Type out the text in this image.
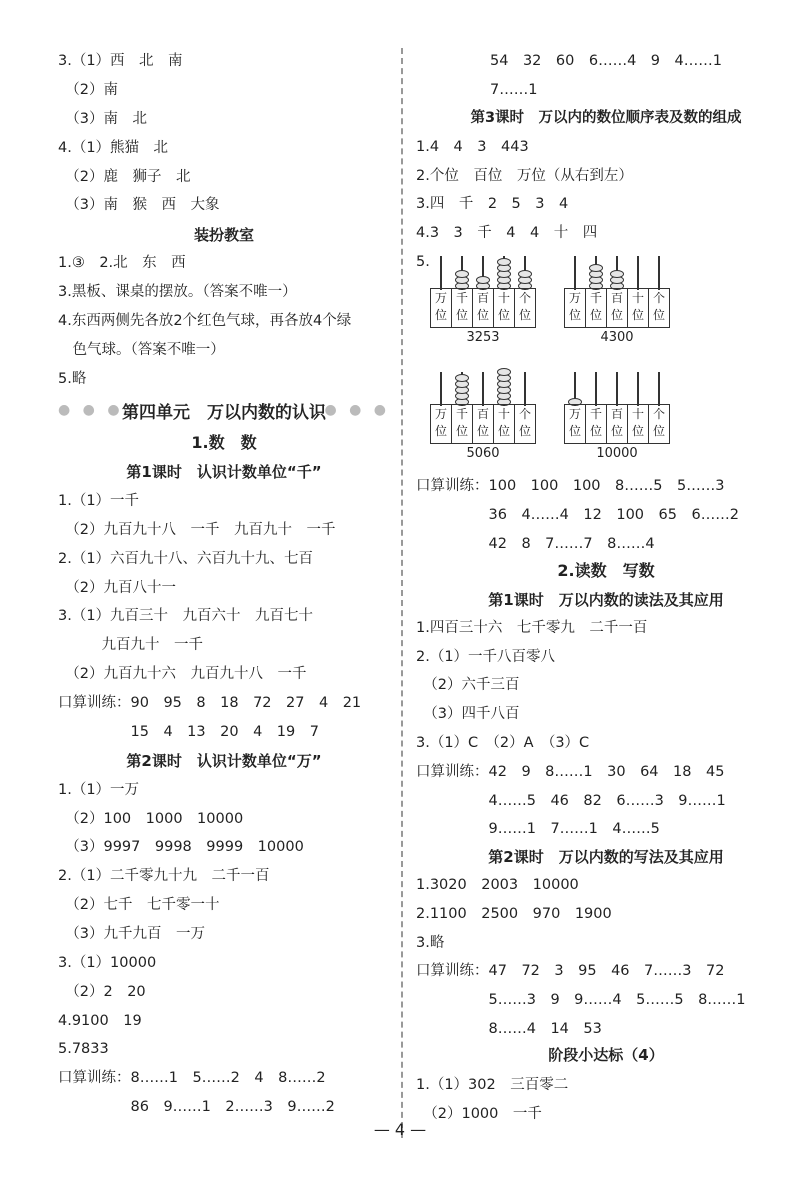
3.（1）西　北　南
　（2）南
　（3）南　北
4.（1）熊猫　北
　（2）鹿　狮子　北
　（3）南　猴　西　大象
装扮教室
1.③　2.北　东　西
3.黑板、课桌的摆放。（答案不唯一）
4.东西两侧先各放2个红色气球，再各放4个绿
　色气球。（答案不唯一）
5.略
● ● ●
第四单元　万以内数的认识
● ● ●
1.数　数
第1课时　认识计数单位“千”
1.（1）一千
　（2）九百九十八　一千　九百九十　一千
2.（1）六百九十八、六百九十九、七百
　（2）九百八十一
3.（1）九百三十　九百六十　九百七十
　　　九百九十　一千
　（2）九百九十六　九百九十八　一千
口算训练：90　95　8　18　72　27　4　21
　　　　　15　4　13　20　4　19　7
第2课时　认识计数单位“万”
1.（1）一万
　（2）100　1000　10000
　（3）9997　9998　9999　10000
2.（1）二千零九十九　二千一百
　（2）七千　七千零一十
　（3）九千九百　一万
3.（1）10000
　（2）2　20
4.9100　19
5.7833
口算训练：8……1　5……2　4　8……2
　　　　　86　9……1　2……3　9……2
54　32　60　6……4　9　4……1
7……1
第3课时　万以内的数位顺序表及数的组成
1.4　4　3　443
2.个位　百位　万位（从右到左）
3.四　千　2　5　3　4
4.3　3　千　4　4　十　四
5.
万
位
千
位
百
位
十
位
个
位
3253
万
位
千
位
百
位
十
位
个
位
4300
万
位
千
位
百
位
十
位
个
位
5060
万
位
千
位
百
位
十
位
个
位
10000
口算训练：100　100　100　8……5　5……3
　　　　　36　4……4　12　100　65　6……2
　　　　　42　8　7……7　8……4
2.读数　写数
第1课时　万以内数的读法及其应用
1.四百三十六　七千零九　二千一百
2.（1）一千八百零八
　（2）六千三百
　（3）四千八百
3.（1）C　（2）A　（3）C
口算训练：42　9　8……1　30　64　18　45
　　　　　4……5　46　82　6……3　9……1
　　　　　9……1　7……1　4……5
第2课时　万以内数的写法及其应用
1.3020　2003　10000
2.1100　2500　970　1900
3.略
口算训练：47　72　3　95　46　7……3　72
　　　　　5……3　9　9……4　5……5　8……1
　　　　　8……4　14　53
阶段小达标（4）
1.（1）302　三百零二
　（2）1000　一千
— 4 —
